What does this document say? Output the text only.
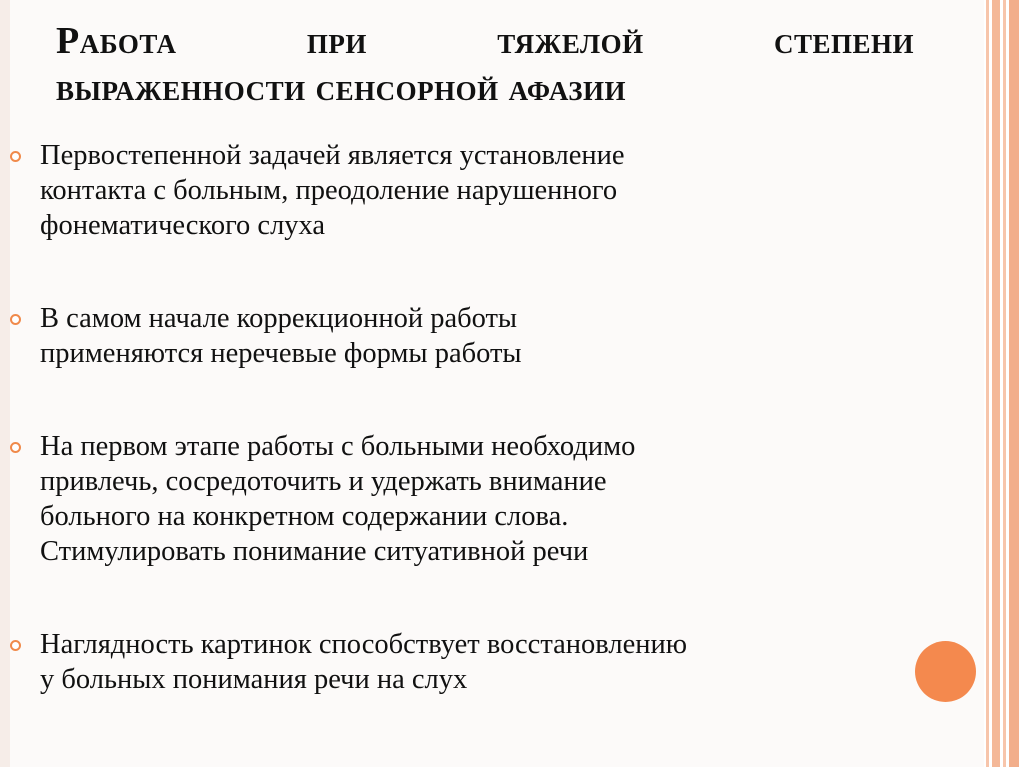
Работа при тяжелой степени
выраженности сенсорной афазии
Первостепенной задачей является установление
контакта с больным, преодоление нарушенного
фонематического слуха
В самом начале коррекционной работы
применяются неречевые формы работы
На первом этапе работы с больными необходимо
привлечь, сосредоточить и удержать внимание
больного на конкретном содержании слова.
Стимулировать понимание ситуативной речи
Наглядность картинок способствует восстановлению
у больных понимания речи на слух
